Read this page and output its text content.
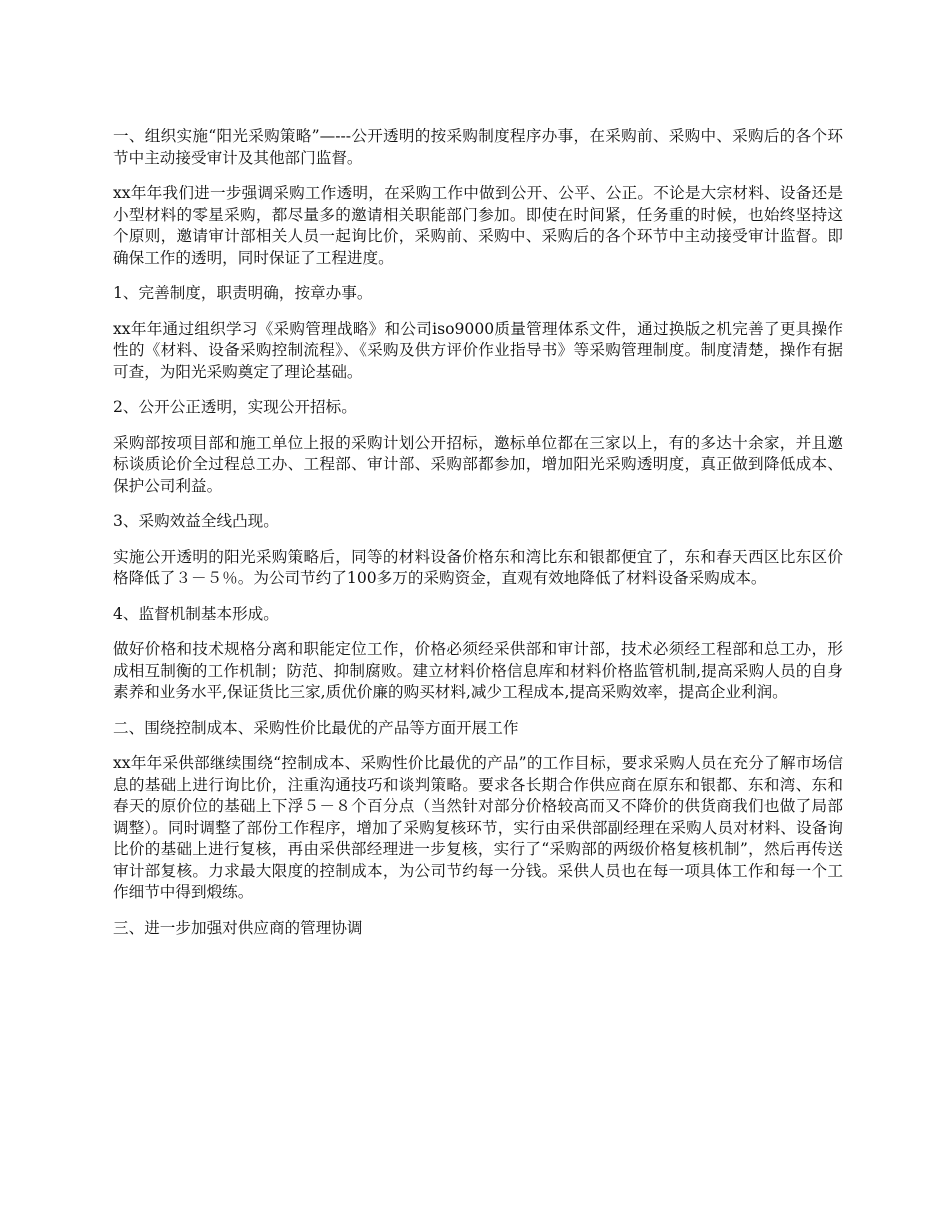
一、组织实施“阳光采购策略”—---公开透明的按采购制度程序办事，在采购前、采购中、采购后的各个环节中主动接受审计及其他部门监督。

xx年年我们进一步强调采购工作透明，在采购工作中做到公开、公平、公正。不论是大宗材料、设备还是小型材料的零星采购，都尽量多的邀请相关职能部门参加。即使在时间紧，任务重的时候，也始终坚持这个原则，邀请审计部相关人员一起询比价，采购前、采购中、采购后的各个环节中主动接受审计监督。即确保工作的透明，同时保证了工程进度。

1、完善制度，职责明确，按章办事。

xx年年通过组织学习《采购管理战略》和公司iso9000质量管理体系文件，通过换版之机完善了更具操作性的《材料、设备采购控制流程》、《采购及供方评价作业指导书》等采购管理制度。制度清楚，操作有据可查，为阳光采购奠定了理论基础。

2、公开公正透明，实现公开招标。

采购部按项目部和施工单位上报的采购计划公开招标，邀标单位都在三家以上，有的多达十余家，并且邀标谈质论价全过程总工办、工程部、审计部、采购部都参加，增加阳光采购透明度，真正做到降低成本、保护公司利益。

3、采购效益全线凸现。

实施公开透明的阳光采购策略后，同等的材料设备价格东和湾比东和银都便宜了，东和春天西区比东区价格降低了３－５％。为公司节约了100多万的采购资金，直观有效地降低了材料设备采购成本。

4、监督机制基本形成。

做好价格和技术规格分离和职能定位工作，价格必须经采供部和审计部，技术必须经工程部和总工办，形成相互制衡的工作机制；防范、抑制腐败。建立材料价格信息库和材料价格监管机制,提高采购人员的自身素养和业务水平,保证货比三家,质优价廉的购买材料,减少工程成本,提高采购效率，提高企业利润。

二、围绕控制成本、采购性价比最优的产品等方面开展工作

xx年年采供部继续围绕“控制成本、采购性价比最优的产品”的工作目标，要求采购人员在充分了解市场信息的基础上进行询比价，注重沟通技巧和谈判策略。要求各长期合作供应商在原东和银都、东和湾、东和春天的原价位的基础上下浮５－８个百分点（当然针对部分价格较高而又不降价的供货商我们也做了局部调整）。同时调整了部份工作程序，增加了采购复核环节，实行由采供部副经理在采购人员对材料、设备询比价的基础上进行复核，再由采供部经理进一步复核，实行了“采购部的两级价格复核机制”，然后再传送审计部复核。力求最大限度的控制成本，为公司节约每一分钱。采供人员也在每一项具体工作和每一个工作细节中得到煅练。

三、进一步加强对供应商的管理协调
